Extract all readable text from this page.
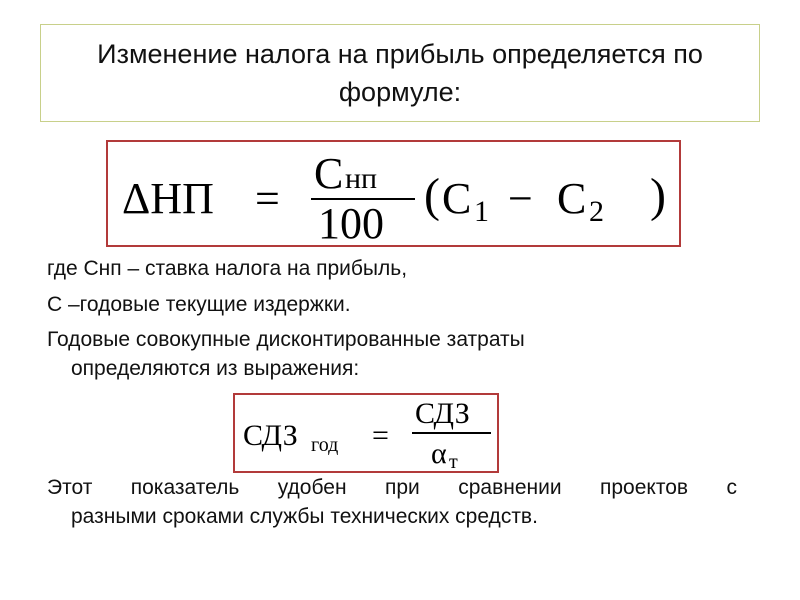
Изменение налога на прибыль определяется по формуле:
ΔНП =
С нп
100
( C 1 − C 2 )
где Снп – ставка налога на прибыль,
С –годовые текущие издержки.
Годовые совокупные дисконтированные затраты
определяются из выражения:
СДЗ год =
СДЗ
α т
Этот показатель удобен при сравнении проектов с
разными сроками службы технических средств.
